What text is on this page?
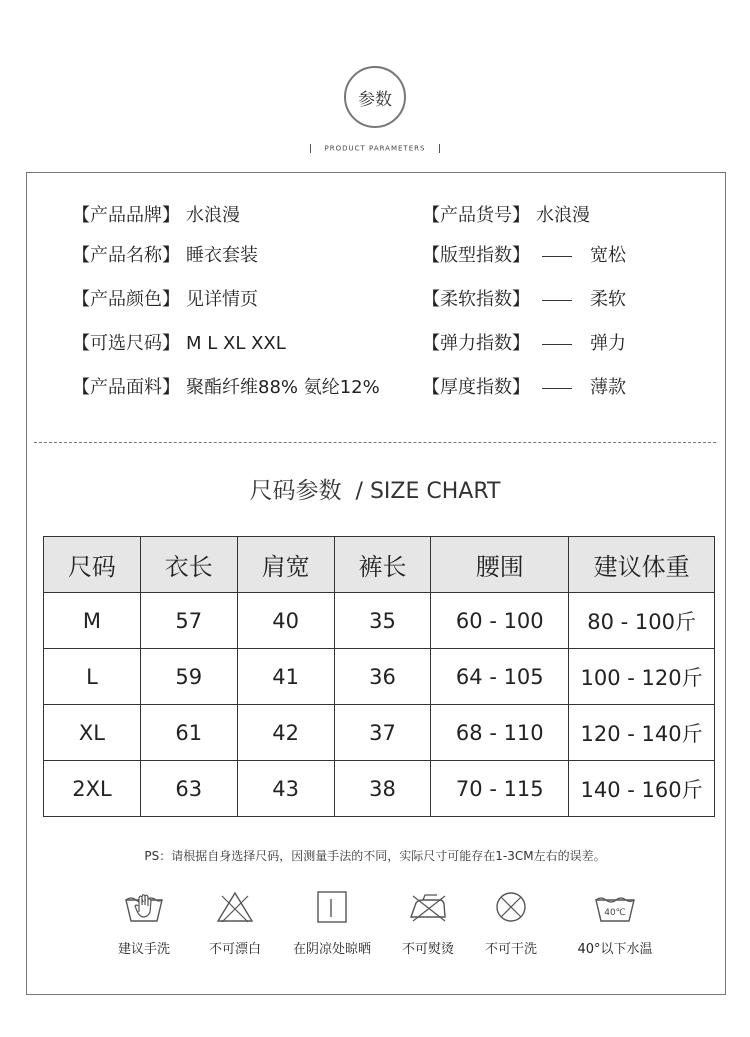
参数
PRODUCT PARAMETERS
【产品品牌】 水浪漫
【产品名称】 睡衣套装
【产品颜色】 见详情页
【可选尺码】 M L XL XXL
【产品面料】 聚酯纤维88% 氨纶12%
【产品货号】 水浪漫
【版型指数】	宽松
【柔软指数】	柔软
【弹力指数】	弹力
【厚度指数】	薄款
尺码参数 / SIZE CHART
尺码	衣长	肩宽	裤长	腰围	建议体重
M	57	40	35	60 - 100	80 - 100斤
L	59	41	36	64 - 105	100 - 120斤
XL	61	42	37	68 - 110	120 - 140斤
2XL	63	43	38	70 - 115	140 - 160斤
PS：请根据自身选择尺码，因测量手法的不同，实际尺寸可能存在1-3CM左右的误差。
建议手洗	不可漂白	在阴凉处晾晒	不可熨烫	不可干洗
40℃
40°以下水温
